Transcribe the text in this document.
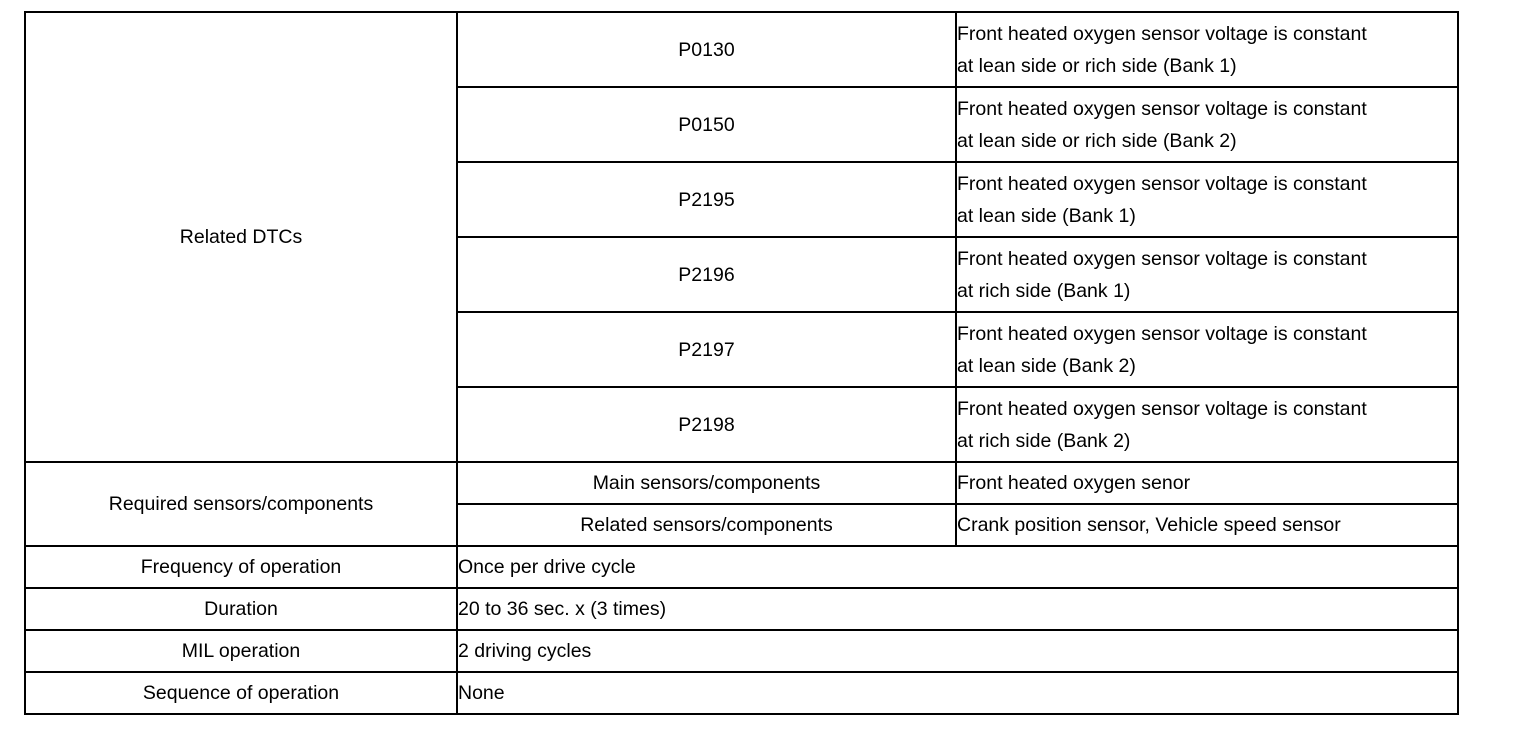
Related DTCs	P0130	Front heated oxygen sensor voltage is constant
at lean side or rich side (Bank 1)

	P0150	Front heated oxygen sensor voltage is constant
at lean side or rich side (Bank 2)

	P2195	Front heated oxygen sensor voltage is constant
at lean side (Bank 1)

	P2196	Front heated oxygen sensor voltage is constant
at rich side (Bank 1)

	P2197	Front heated oxygen sensor voltage is constant
at lean side (Bank 2)

	P2198	Front heated oxygen sensor voltage is constant
at rich side (Bank 2)

Required sensors/components	Main sensors/components	Front heated oxygen senor
	Related sensors/components	Crank position sensor, Vehicle speed sensor
Frequency of operation	Once per drive cycle	
Duration	20 to 36 sec. x (3 times)	
MIL operation	2 driving cycles	
Sequence of operation	None	
